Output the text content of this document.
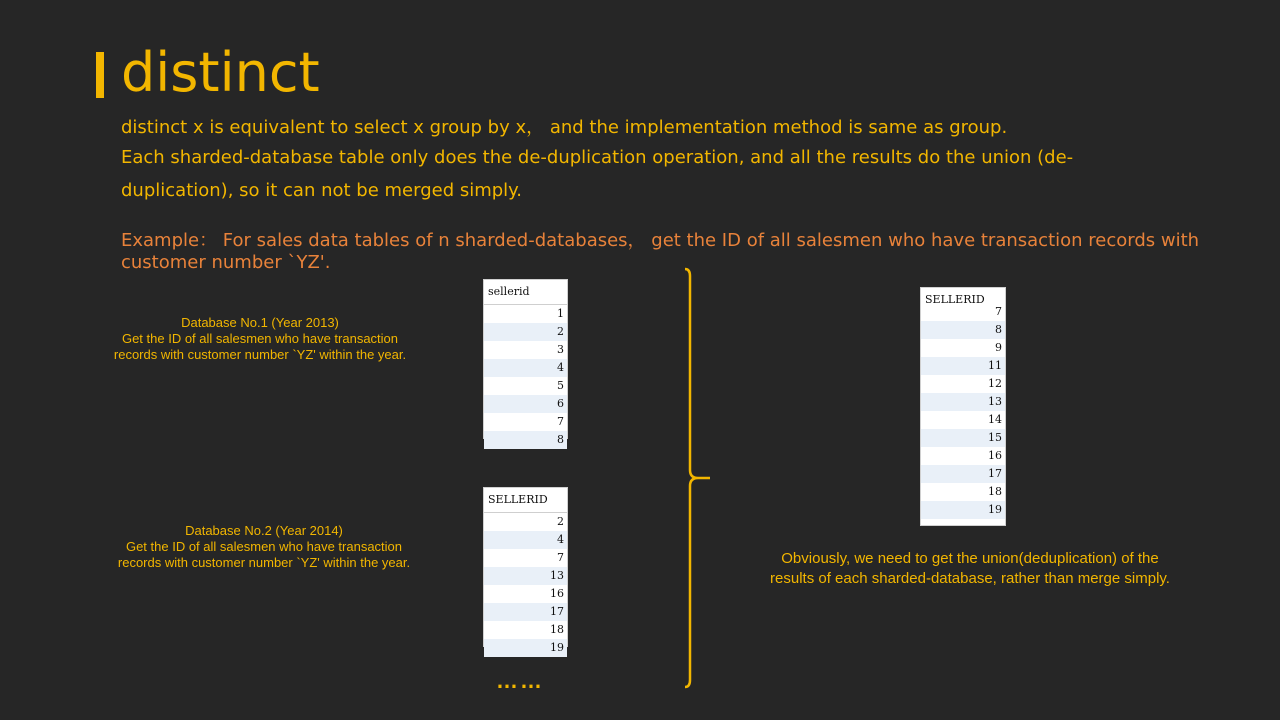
distinct
distinct x is equivalent to select x group by x， and the implementation method is same as group.
Each sharded-database table only does the de-duplication operation, and all the results do the union (de-
duplication), so it can not be merged simply.
Example： For sales data tables of n sharded-databases， get the ID of all salesmen who have transaction records with customer number `YZ'.
Database No.1 (Year 2013)
Get the ID of all salesmen who have transaction
records with customer number `YZ' within the year.
sellerid
1
2
3
4
5
6
7
8
Database No.2 (Year 2014)
Get the ID of all salesmen who have transaction
records with customer number `YZ' within the year.
SELLERID
2
4
7
13
16
17
18
19
……
SELLERID
7
8
9
11
12
13
14
15
16
17
18
19
Obviously, we need to get the union(deduplication) of the
results of each sharded-database, rather than merge simply.
